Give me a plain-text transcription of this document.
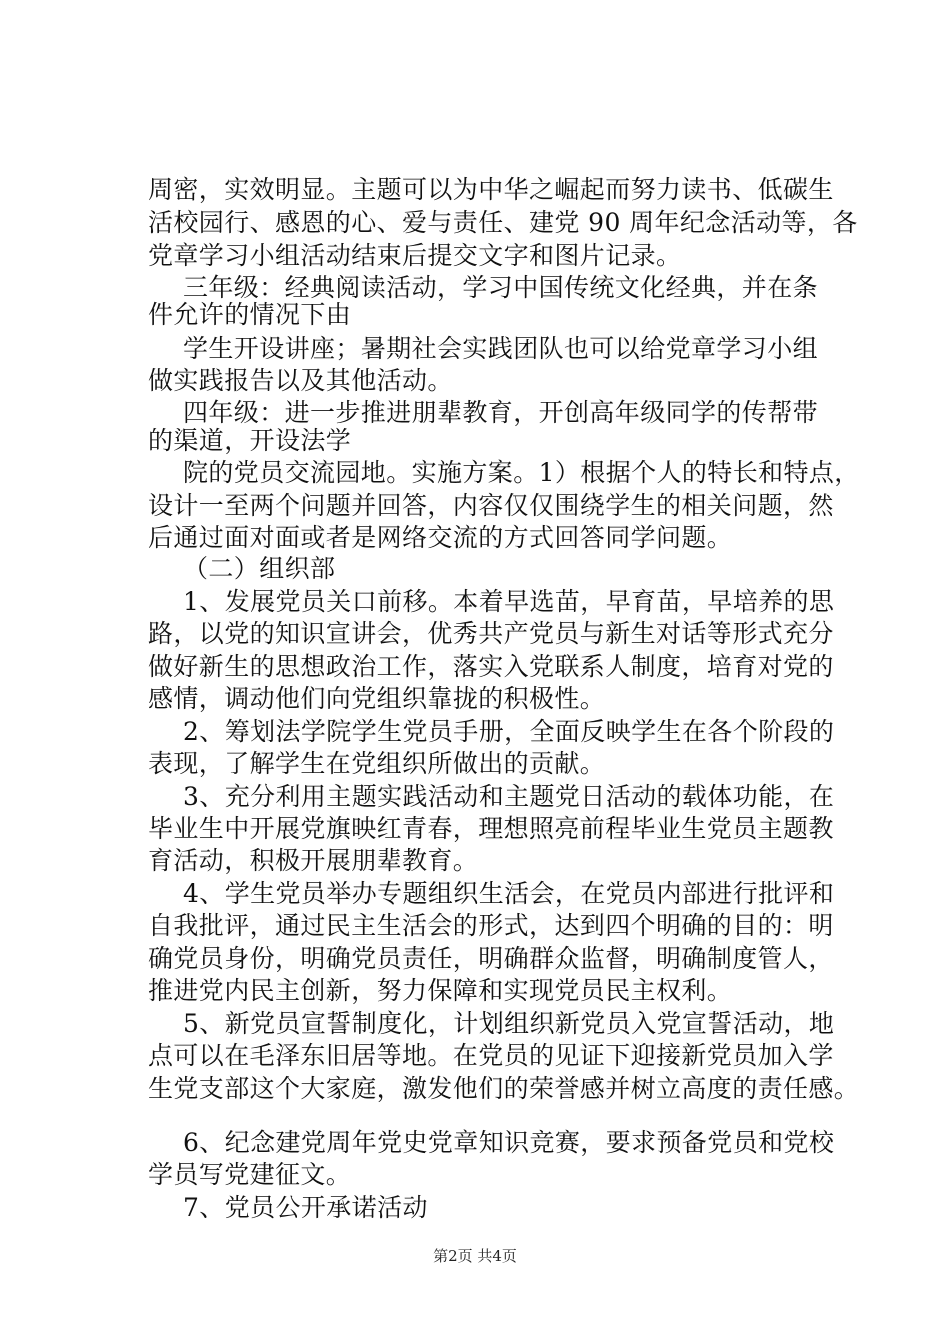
周密，实效明显。主题可以为中华之崛起而努力读书、低碳生
活校园行、感恩的心、爱与责任、建党 90 周年纪念活动等，各
党章学习小组活动结束后提交文字和图片记录。
三年级：经典阅读活动，学习中国传统文化经典，并在条
件允许的情况下由
学生开设讲座；暑期社会实践团队也可以给党章学习小组
做实践报告以及其他活动。
四年级：进一步推进朋辈教育，开创高年级同学的传帮带
的渠道，开设法学
院的党员交流园地。实施方案。1）根据个人的特长和特点，
设计一至两个问题并回答，内容仅仅围绕学生的相关问题，然
后通过面对面或者是网络交流的方式回答同学问题。
（二）组织部
1、发展党员关口前移。本着早选苗，早育苗，早培养的思
路，以党的知识宣讲会，优秀共产党员与新生对话等形式充分
做好新生的思想政治工作，落实入党联系人制度，培育对党的
感情，调动他们向党组织靠拢的积极性。
2、筹划法学院学生党员手册，全面反映学生在各个阶段的
表现，了解学生在党组织所做出的贡献。
3、充分利用主题实践活动和主题党日活动的载体功能，在
毕业生中开展党旗映红青春，理想照亮前程毕业生党员主题教
育活动，积极开展朋辈教育。
4、学生党员举办专题组织生活会，在党员内部进行批评和
自我批评，通过民主生活会的形式，达到四个明确的目的：明
确党员身份，明确党员责任，明确群众监督，明确制度管人，
推进党内民主创新，努力保障和实现党员民主权利。
5、新党员宣誓制度化，计划组织新党员入党宣誓活动，地
点可以在毛泽东旧居等地。在党员的见证下迎接新党员加入学
生党支部这个大家庭，激发他们的荣誉感并树立高度的责任感。
6、纪念建党周年党史党章知识竞赛，要求预备党员和党校
学员写党建征文。
7、党员公开承诺活动
第2页 共4页
